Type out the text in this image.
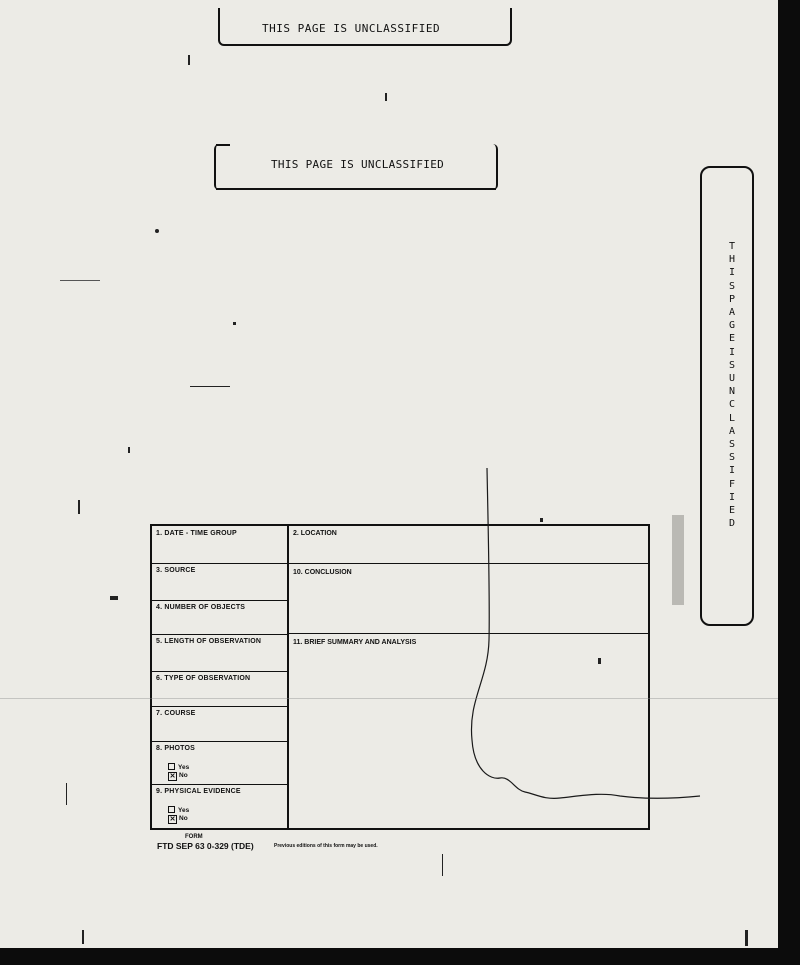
THIS PAGE IS UNCLASSIFIED
THIS PAGE IS UNCLASSIFIED
THIS PAGE IS UNCLASSIFIED
1. DATE - TIME GROUP
3. SOURCE
4. NUMBER OF OBJECTS
5. LENGTH OF OBSERVATION
6. TYPE OF OBSERVATION
7. COURSE
8. PHOTOS
Yes
✕ No
9. PHYSICAL EVIDENCE
Yes
✕ No
2. LOCATION
10. CONCLUSION
11. BRIEF SUMMARY AND ANALYSIS
FORM
FTD SEP 63 0-329 (TDE)	Previous editions of this form may be used.
